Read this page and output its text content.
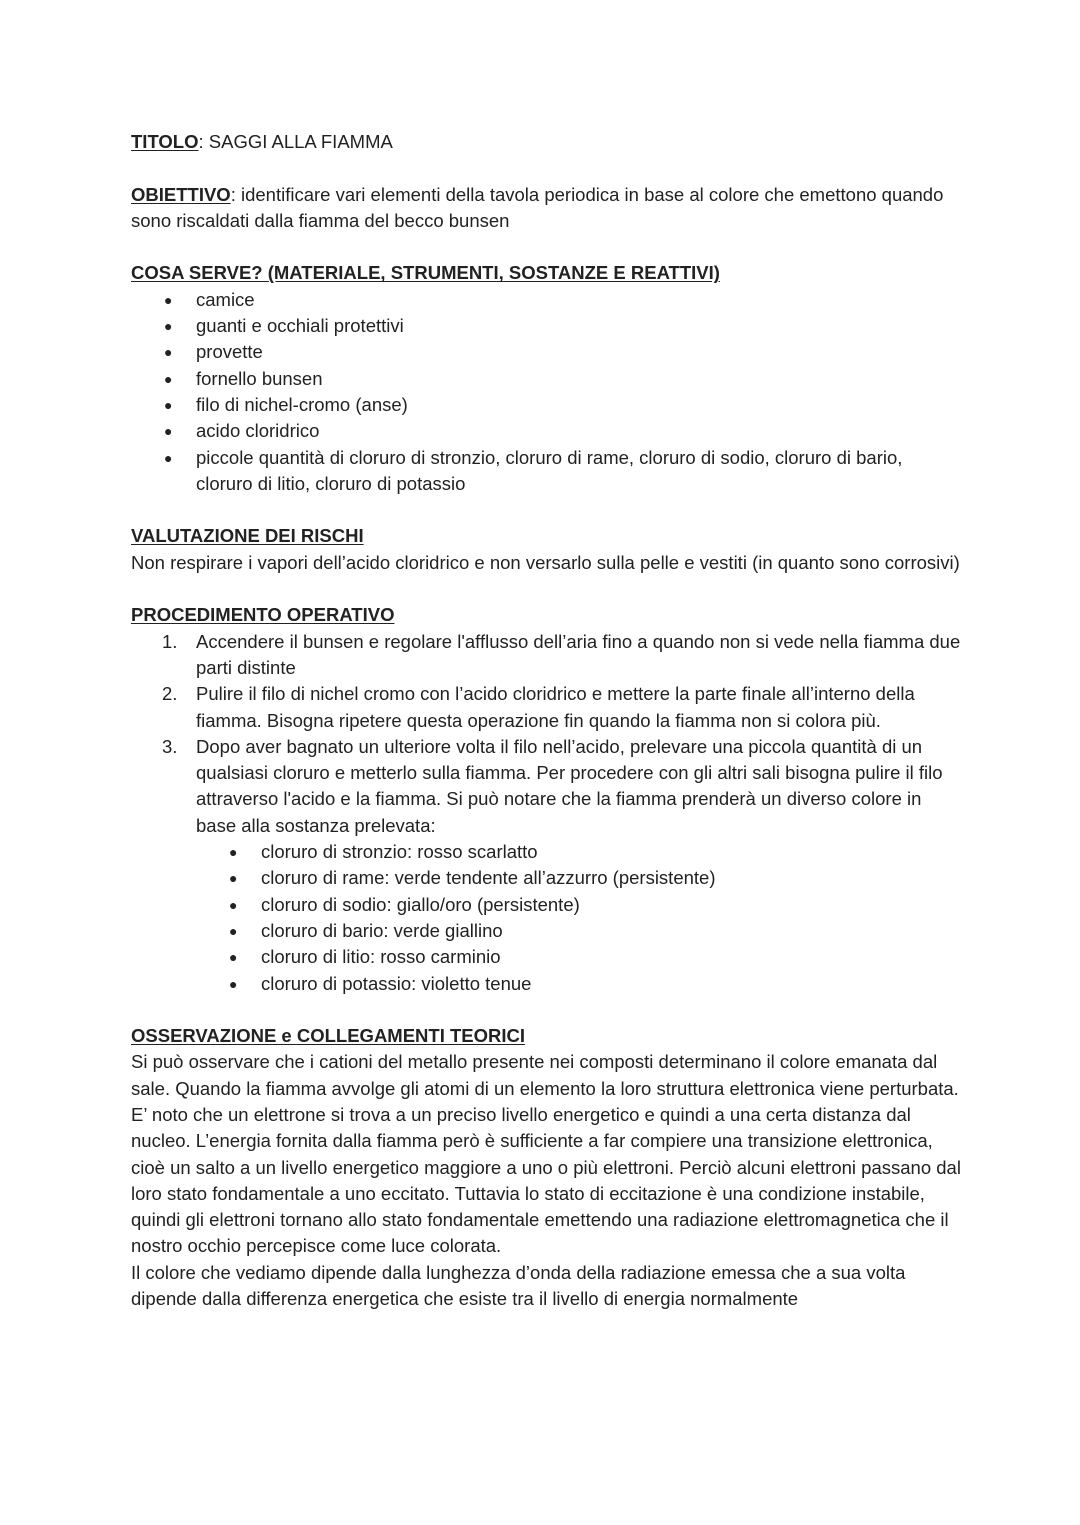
TITOLO: SAGGI ALLA FIAMMA

OBIETTIVO: identificare vari elementi della tavola periodica in base al colore che emettono quando sono riscaldati dalla fiamma del becco bunsen

COSA SERVE? (MATERIALE, STRUMENTI, SOSTANZE E REATTIVI)

● camice
● guanti e occhiali protettivi
● provette
● fornello bunsen
● filo di nichel-cromo (anse)
● acido cloridrico
● piccole quantità di cloruro di stronzio, cloruro di rame, cloruro di sodio, cloruro di bario, cloruro di litio, cloruro di potassio

VALUTAZIONE DEI RISCHI

Non respirare i vapori dell’acido cloridrico e non versarlo sulla pelle e vestiti (in quanto sono corrosivi)

PROCEDIMENTO OPERATIVO

1. Accendere il bunsen e regolare l'afflusso dell’aria fino a quando non si vede nella fiamma due parti distinte
2. Pulire il filo di nichel cromo con l’acido cloridrico e mettere la parte finale all’interno della fiamma. Bisogna ripetere questa operazione fin quando la fiamma non si colora più.
3. Dopo aver bagnato un ulteriore volta il filo nell’acido, prelevare una piccola quantità di un qualsiasi cloruro e metterlo sulla fiamma. Per procedere con gli altri sali bisogna pulire il filo attraverso l'acido e la fiamma. Si può notare che la fiamma prenderà un diverso colore in base alla sostanza prelevata:
● cloruro di stronzio: rosso scarlatto
● cloruro di rame: verde tendente all’azzurro (persistente)
● cloruro di sodio: giallo/oro (persistente)
● cloruro di bario: verde giallino
● cloruro di litio: rosso carminio
● cloruro di potassio: violetto tenue

OSSERVAZIONE e COLLEGAMENTI TEORICI

Si può osservare che i cationi del metallo presente nei composti determinano il colore emanata dal sale. Quando la fiamma avvolge gli atomi di un elemento la loro struttura elettronica viene perturbata.

E’ noto che un elettrone si trova a un preciso livello energetico e quindi a una certa distanza dal nucleo. L’energia fornita dalla fiamma però è sufficiente a far compiere una transizione elettronica, cioè un salto a un livello energetico maggiore a uno o più elettroni. Perciò alcuni elettroni passano dal loro stato fondamentale a uno eccitato. Tuttavia lo stato di eccitazione è una condizione instabile, quindi gli elettroni tornano allo stato fondamentale emettendo una radiazione elettromagnetica che il nostro occhio percepisce come luce colorata.

Il colore che vediamo dipende dalla lunghezza d’onda della radiazione emessa che a sua volta dipende dalla differenza energetica che esiste tra il livello di energia normalmente
